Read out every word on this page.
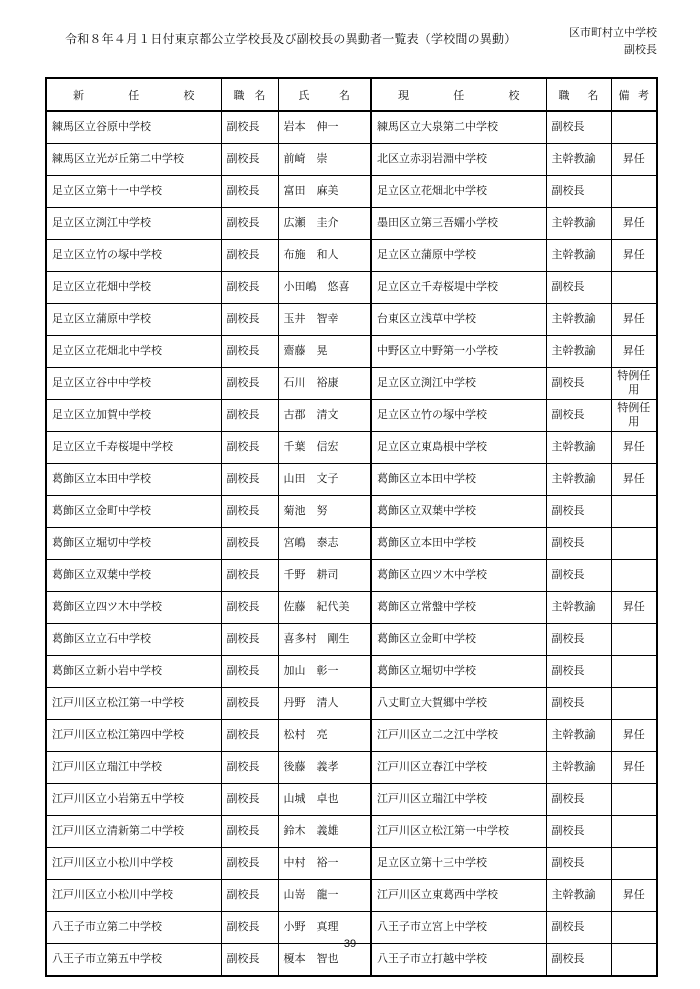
令和８年４月１日付東京都公立学校長及び副校長の異動者一覧表（学校間の異動）	区市町村立中学校
副校長
新任校	職名	氏名	現任校	職名	備考
練馬区立谷原中学校	副校長	岩本　伸一	練馬区立大泉第二中学校	副校長	
練馬区立光が丘第二中学校	副校長	前崎　崇	北区立赤羽岩淵中学校	主幹教諭	昇任
足立区立第十一中学校	副校長	富田　麻美	足立区立花畑北中学校	副校長	
足立区立渕江中学校	副校長	広瀬　圭介	墨田区立第三吾嬬小学校	主幹教諭	昇任
足立区立竹の塚中学校	副校長	布施　和人	足立区立蒲原中学校	主幹教諭	昇任
足立区立花畑中学校	副校長	小田嶋　悠喜	足立区立千寿桜堤中学校	副校長	
足立区立蒲原中学校	副校長	玉井　智幸	台東区立浅草中学校	主幹教諭	昇任
足立区立花畑北中学校	副校長	齋藤　晃	中野区立中野第一小学校	主幹教諭	昇任
足立区立谷中中学校	副校長	石川　裕康	足立区立渕江中学校	副校長	特例任用
足立区立加賀中学校	副校長	古郡　清文	足立区立竹の塚中学校	副校長	特例任用
足立区立千寿桜堤中学校	副校長	千葉　信宏	足立区立東島根中学校	主幹教諭	昇任
葛飾区立本田中学校	副校長	山田　文子	葛飾区立本田中学校	主幹教諭	昇任
葛飾区立金町中学校	副校長	菊池　努	葛飾区立双葉中学校	副校長	
葛飾区立堀切中学校	副校長	宮嶋　泰志	葛飾区立本田中学校	副校長	
葛飾区立双葉中学校	副校長	千野　耕司	葛飾区立四ツ木中学校	副校長	
葛飾区立四ツ木中学校	副校長	佐藤　紀代美	葛飾区立常盤中学校	主幹教諭	昇任
葛飾区立立石中学校	副校長	喜多村　剛生	葛飾区立金町中学校	副校長	
葛飾区立新小岩中学校	副校長	加山　彰一	葛飾区立堀切中学校	副校長	
江戸川区立松江第一中学校	副校長	丹野　清人	八丈町立大賀郷中学校	副校長	
江戸川区立松江第四中学校	副校長	松村　亮	江戸川区立二之江中学校	主幹教諭	昇任
江戸川区立瑞江中学校	副校長	後藤　義孝	江戸川区立春江中学校	主幹教諭	昇任
江戸川区立小岩第五中学校	副校長	山城　卓也	江戸川区立瑞江中学校	副校長	
江戸川区立清新第二中学校	副校長	鈴木　義雄	江戸川区立松江第一中学校	副校長	
江戸川区立小松川中学校	副校長	中村　裕一	足立区立第十三中学校	副校長	
江戸川区立小松川中学校	副校長	山嵜　龍一	江戸川区立東葛西中学校	主幹教諭	昇任
八王子市立第二中学校	副校長	小野　真理	八王子市立宮上中学校	副校長	
八王子市立第五中学校	副校長	榎本　智也	八王子市立打越中学校	副校長	
39
